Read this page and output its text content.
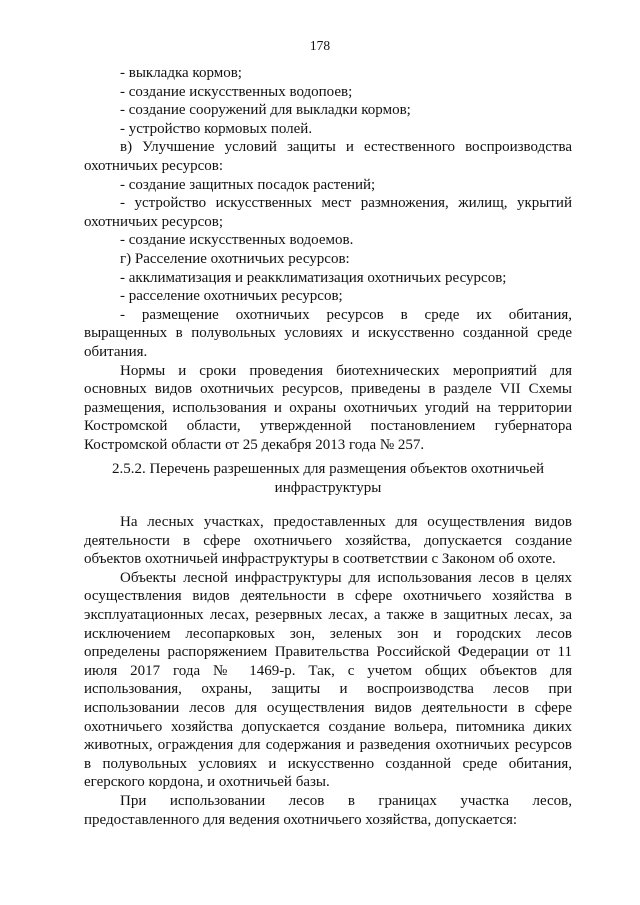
178

- выкладка кормов;

- создание искусственных водопоев;

- создание сооружений для выкладки кормов;

- устройство кормовых полей.

в) Улучшение условий защиты и естественного воспроизводства

охотничьих ресурсов:

- создание защитных посадок растений;

- устройство искусственных мест размножения, жилищ, укрытий

охотничьих ресурсов;

- создание искусственных водоемов.

г) Расселение охотничьих ресурсов:

- акклиматизация и реакклиматизация охотничьих ресурсов;

- расселение охотничьих ресурсов;

- размещение охотничьих ресурсов в среде их обитания,

выращенных в полувольных условиях и искусственно созданной среде

обитания.

Нормы и сроки проведения биотехнических мероприятий для

основных видов охотничьих ресурсов, приведены в разделе VII Схемы

размещения, использования и охраны охотничьих угодий на территории

Костромской области, утвержденной постановлением губернатора

Костромской области от 25 декабря 2013 года № 257.

2.5.2. Перечень разрешенных для размещения объектов охотничьей

инфраструктуры

На лесных участках, предоставленных для осуществления видов

деятельности в сфере охотничьего хозяйства, допускается создание

объектов охотничьей инфраструктуры в соответствии с Законом об охоте.

Объекты лесной инфраструктуры для использования лесов в целях

осуществления видов деятельности в сфере охотничьего хозяйства в

эксплуатационных лесах, резервных лесах, а также в защитных лесах, за

исключением лесопарковых зон, зеленых зон и городских лесов

определены распоряжением Правительства Российской Федерации от 11

июля 2017 года № 1469-р. Так, с учетом общих объектов для

использования, охраны, защиты и воспроизводства лесов при

использовании лесов для осуществления видов деятельности в сфере

охотничьего хозяйства допускается создание вольера, питомника диких

животных, ограждения для содержания и разведения охотничьих ресурсов

в полувольных условиях и искусственно созданной среде обитания,

егерского кордона, и охотничьей базы.

При использовании лесов в границах участка лесов,

предоставленного для ведения охотничьего хозяйства, допускается:
